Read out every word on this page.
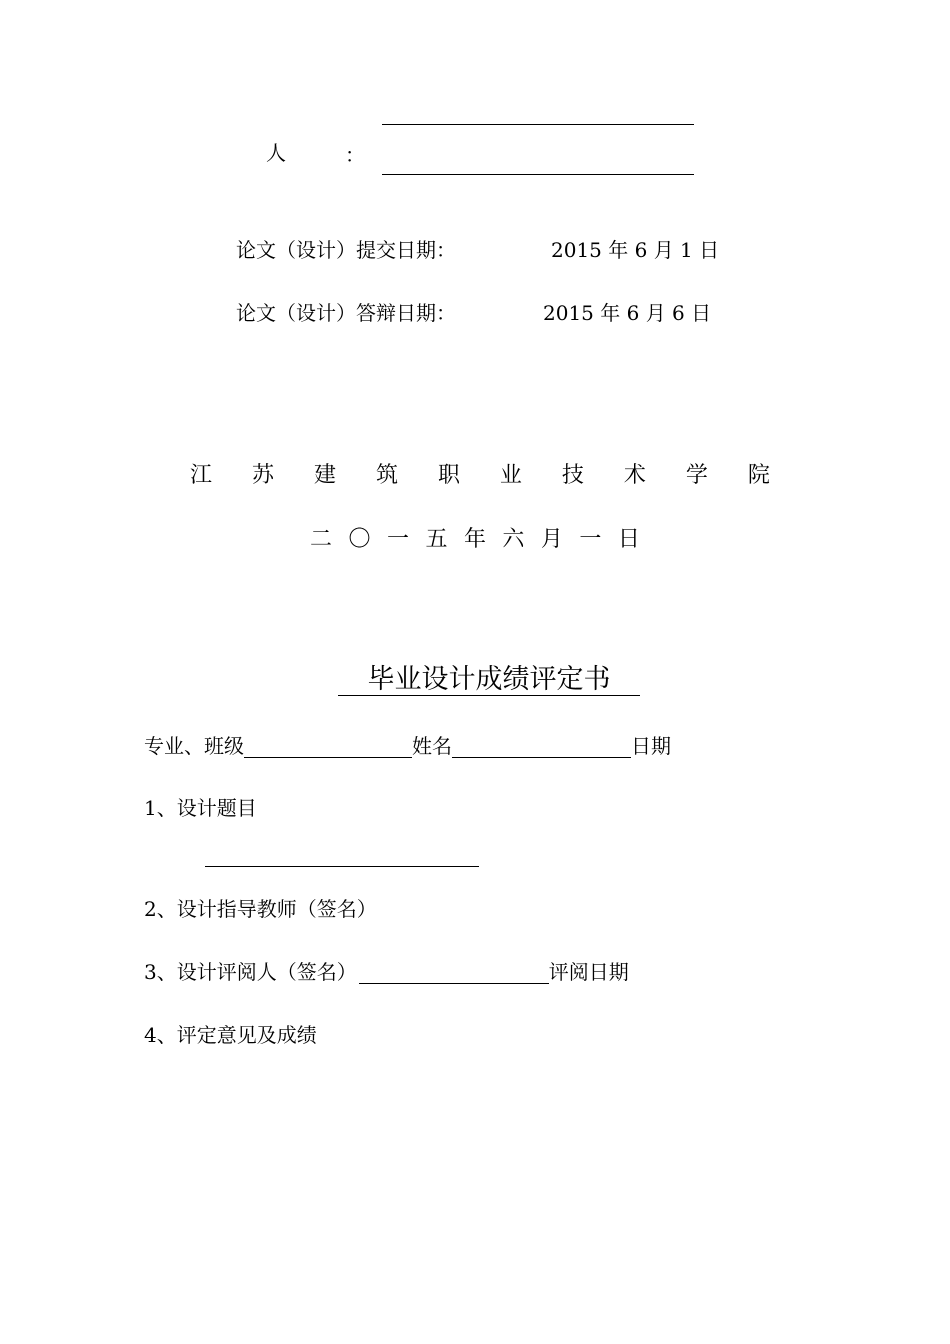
人	：
论文（设计）提交日期：	2015 年 6 月 1 日
论文（设计）答辩日期：	2015 年 6 月 6 日
江 苏 建 筑 职 业 技 术 学 院
二 〇 一 五 年 六 月 一 日
毕业设计成绩评定书
专业、班级	姓名	日期
1、设计题目
2、设计指导教师（签名）
3、设计评阅人（签名）	评阅日期
4、评定意见及成绩
